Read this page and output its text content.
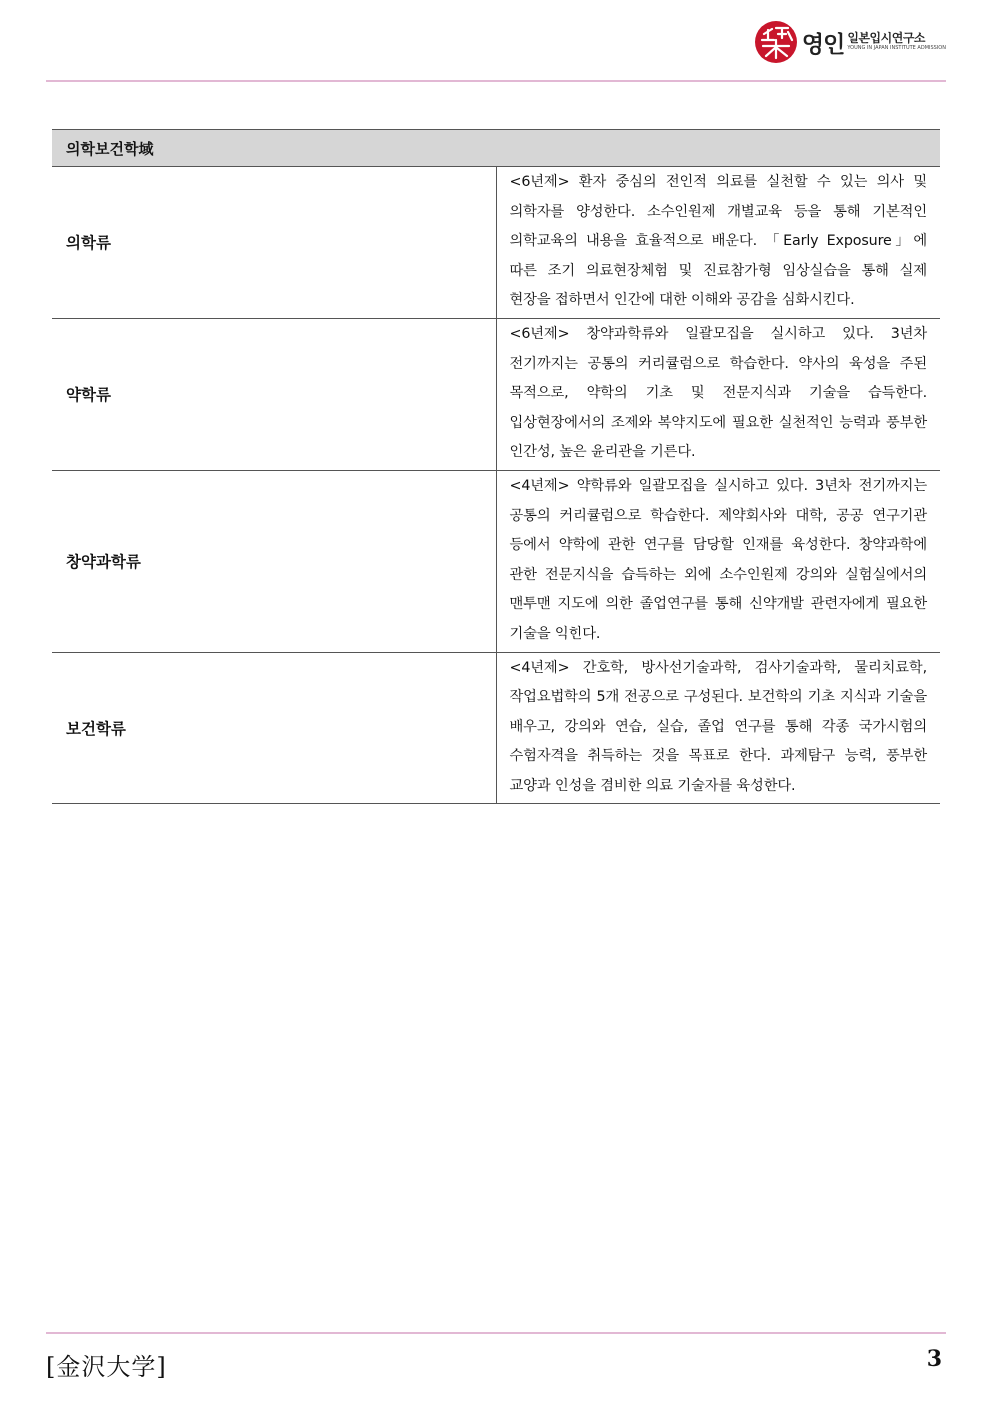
영인 일본입시연구소
YOUNG IN JAPAN INSTITUTE ADMISSION
의학보건학域	
의학류	<6년제> 환자 중심의 전인적 의료를 실천할 수 있는 의사 및 의학자를 양성한다. 소수인원제 개별교육 등을 통해 기본적인 의학교육의 내용을 효율적으로 배운다. 「Early Exposure」에 따른 조기 의료현장체험 및 진료참가형 임상실습을 통해 실제 현장을 접하면서 인간에 대한 이해와 공감을 심화시킨다.
약학류	<6년제> 창약과학류와 일괄모집을 실시하고 있다. 3년차 전기까지는 공통의 커리큘럼으로 학습한다. 약사의 육성을 주된 목적으로, 약학의 기초 및 전문지식과 기술을 습득한다. 입상현장에서의 조제와 복약지도에 필요한 실천적인 능력과 풍부한 인간성, 높은 윤리관을 기른다.
창약과학류	<4년제> 약학류와 일괄모집을 실시하고 있다. 3년차 전기까지는 공통의 커리큘럼으로 학습한다. 제약회사와 대학, 공공 연구기관 등에서 약학에 관한 연구를 담당할 인재를 육성한다. 창약과학에 관한 전문지식을 습득하는 외에 소수인원제 강의와 실험실에서의 맨투맨 지도에 의한 졸업연구를 통해 신약개발 관련자에게 필요한 기술을 익힌다.
보건학류	<4년제> 간호학, 방사선기술과학, 검사기술과학, 물리치료학, 작업요법학의 5개 전공으로 구성된다. 보건학의 기초 지식과 기술을 배우고, 강의와 연습, 실습, 졸업 연구를 통해 각종 국가시험의 수험자격을 취득하는 것을 목표로 한다. 과제탐구 능력, 풍부한 교양과 인성을 겸비한 의료 기술자를 육성한다.
[金沢大学]	3
